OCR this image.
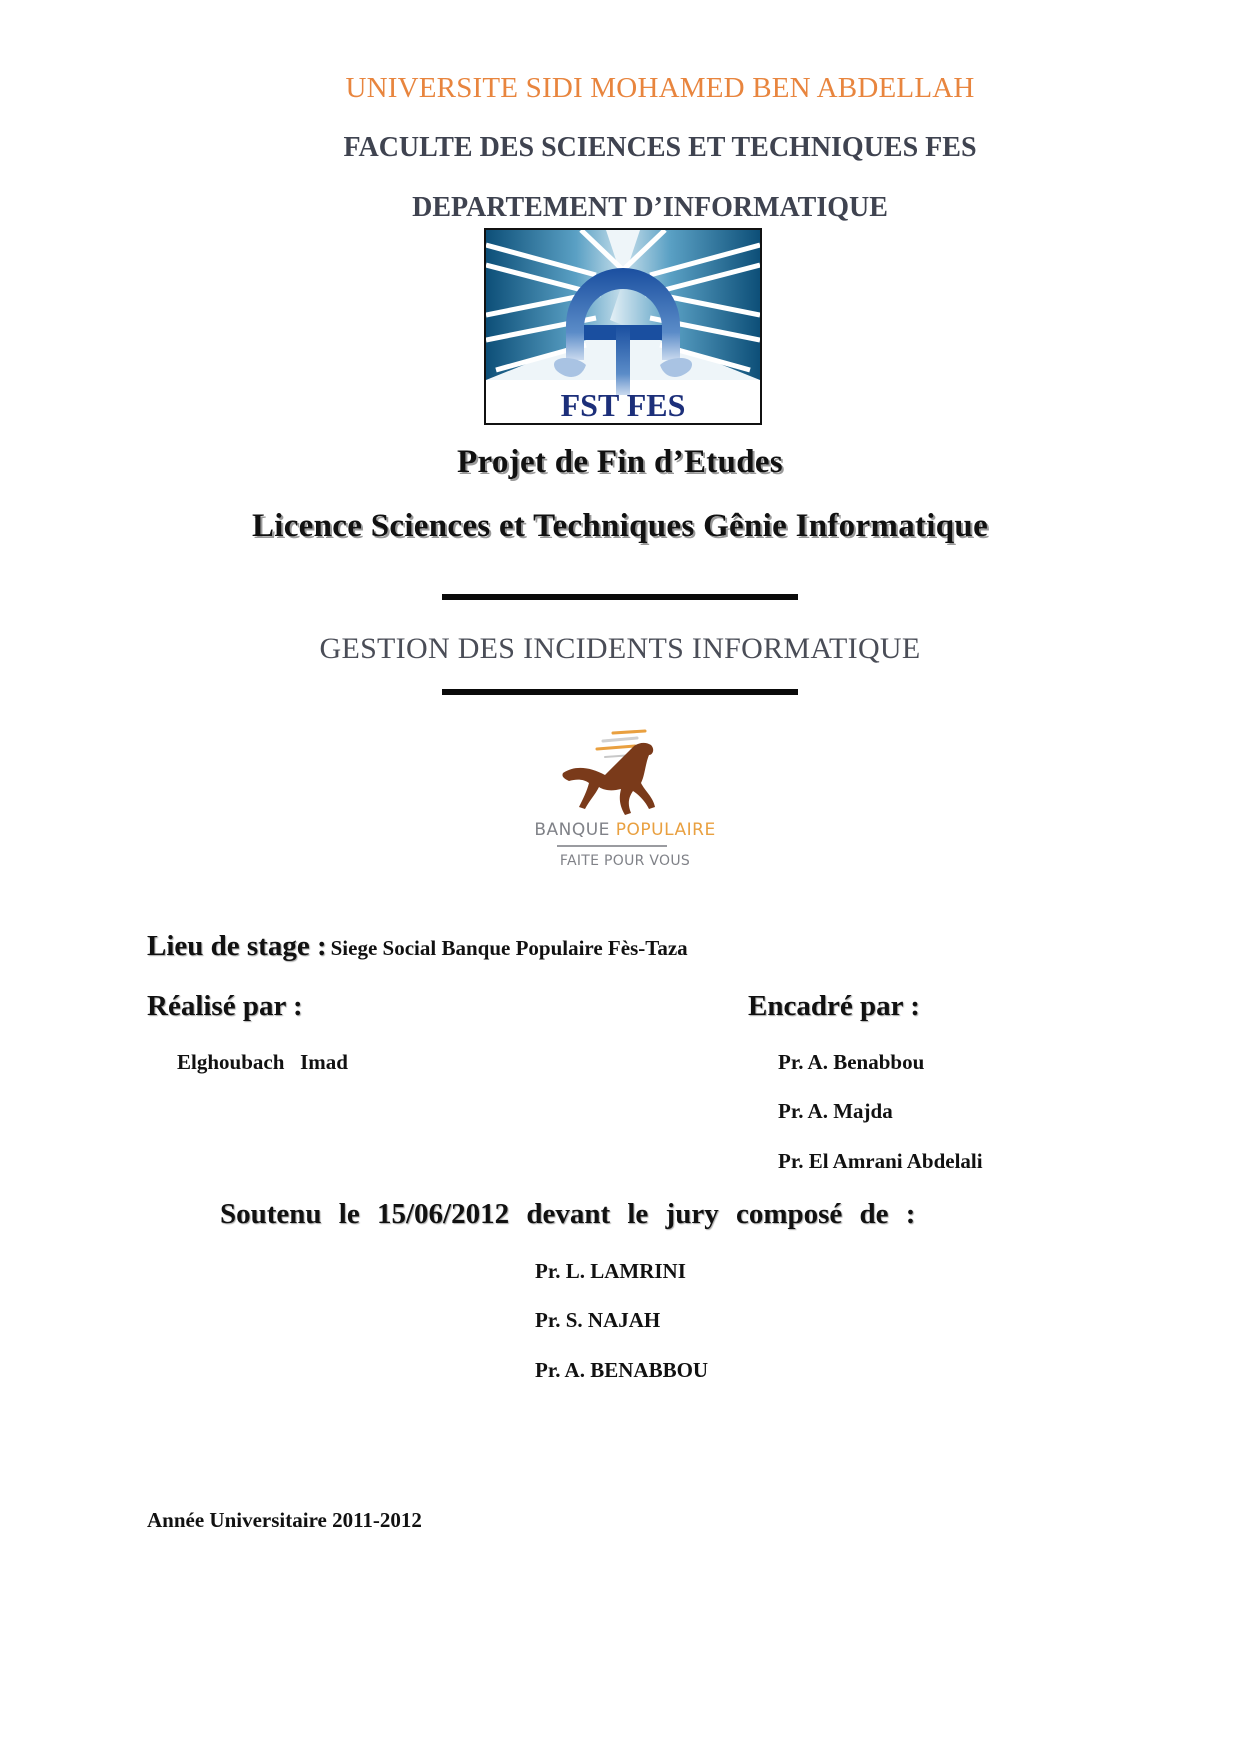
UNIVERSITE SIDI MOHAMED BEN ABDELLAH
FACULTE DES SCIENCES ET TECHNIQUES FES
DEPARTEMENT D’INFORMATIQUE
FST FES
Projet de Fin d’Etudes
Licence Sciences et Techniques Gênie Informatique
GESTION DES INCIDENTS INFORMATIQUE
BANQUE POPULAIRE
FAITE POUR VOUS
Lieu de stage : Siege Social Banque Populaire Fès-Taza
Réalisé par :	Encadré par :
Elghoubach   Imad	Pr. A. Benabbou
Pr. A. Majda
Pr. El Amrani Abdelali
Soutenu le 15/06/2012 devant le jury composé de :
Pr. L. LAMRINI
Pr. S. NAJAH
Pr. A. BENABBOU
Année Universitaire 2011-2012
